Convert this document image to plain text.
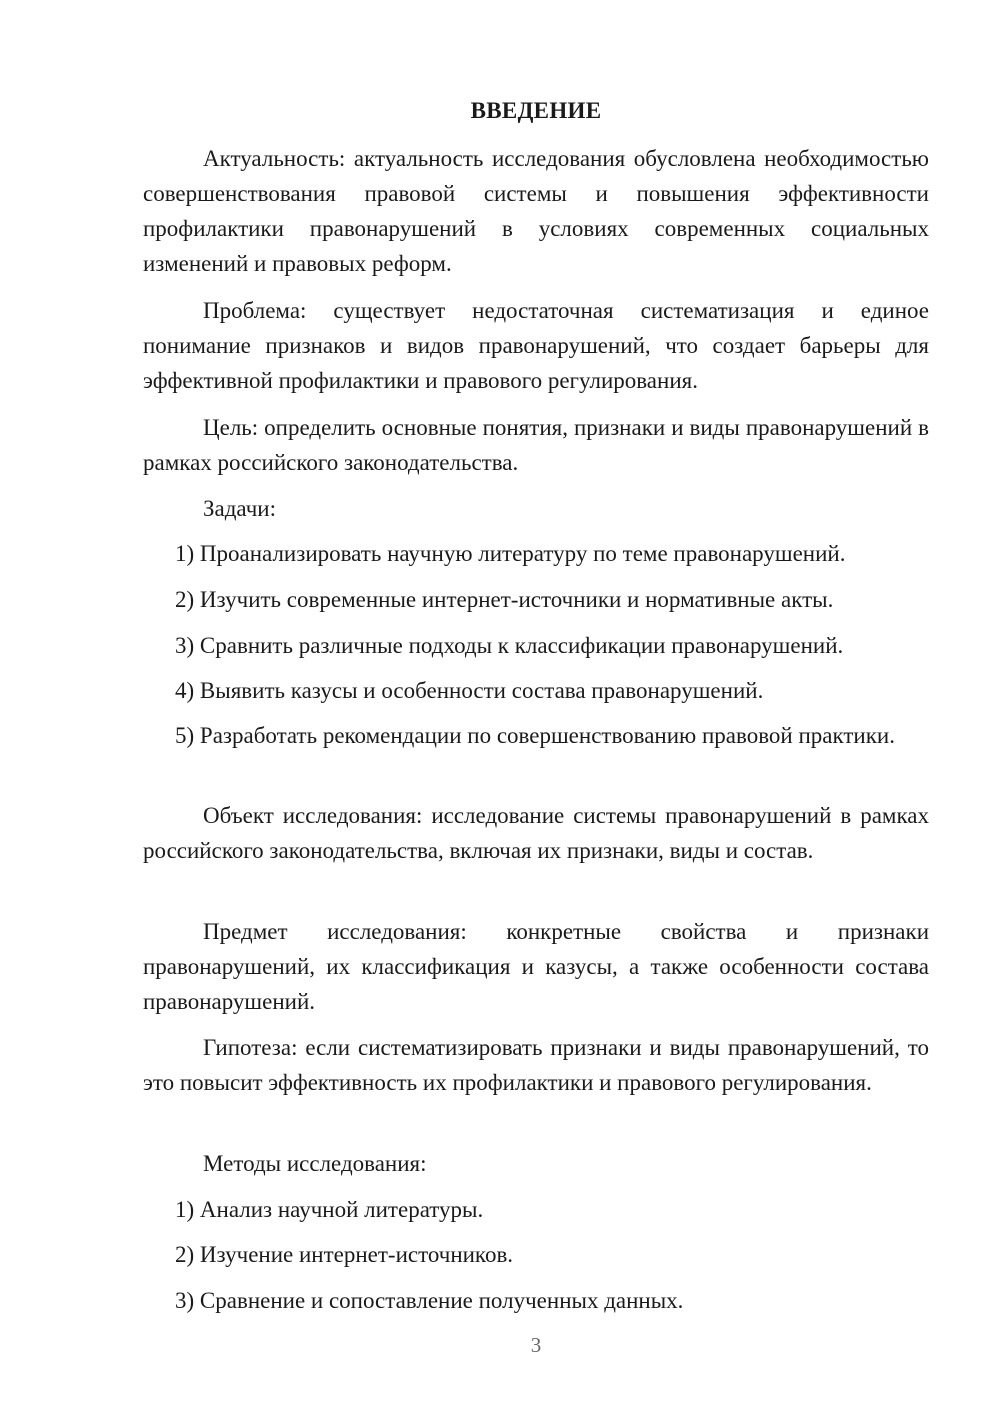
ВВЕДЕНИЕ

Актуальность: актуальность исследования обусловлена необходимостью совершенствования правовой системы и повышения эффективности профилактики правонарушений в условиях современных социальных изменений и правовых реформ.

Проблема: существует недостаточная систематизация и единое понимание признаков и видов правонарушений, что создает барьеры для эффективной профилактики и правового регулирования.

Цель: определить основные понятия, признаки и виды правонарушений в рамках российского законодательства.

Задачи:

1) Проанализировать научную литературу по теме правонарушений.

2) Изучить современные интернет-источники и нормативные акты.

3) Сравнить различные подходы к классификации правонарушений.

4) Выявить казусы и особенности состава правонарушений.

5) Разработать рекомендации по совершенствованию правовой практики.

Объект исследования: исследование системы правонарушений в рамках российского законодательства, включая их признаки, виды и состав.

Предмет исследования: конкретные свойства и признаки правонарушений, их классификация и казусы, а также особенности состава правонарушений.

Гипотеза: если систематизировать признаки и виды правонарушений, то это повысит эффективность их профилактики и правового регулирования.

Методы исследования:

1) Анализ научной литературы.

2) Изучение интернет-источников.

3) Сравнение и сопоставление полученных данных.

3
